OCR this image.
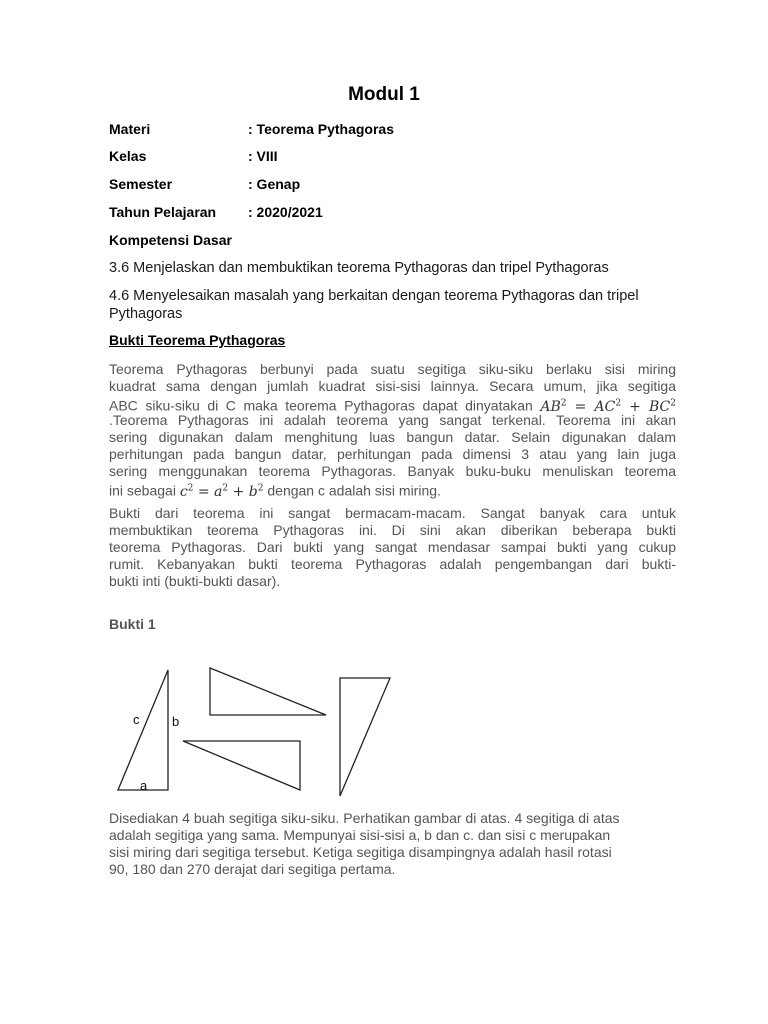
Modul 1
Materi	: Teorema Pythagoras
Kelas	: VIII
Semester	: Genap
Tahun Pelajaran : 2020/2021
Kompetensi Dasar
3.6 Menjelaskan dan membuktikan teorema Pythagoras dan tripel Pythagoras
4.6 Menyelesaikan masalah yang berkaitan dengan teorema Pythagoras dan tripel Pythagoras
Bukti Teorema Pythagoras
Teorema Pythagoras berbunyi pada suatu segitiga siku-siku berlaku sisi miring
kuadrat sama dengan jumlah kuadrat sisi-sisi lainnya. Secara umum, jika segitiga
ABC siku-siku di C maka teorema Pythagoras dapat dinyatakan $AB^2 = AC^2 + BC^2$
.Teorema Pythagoras ini adalah teorema yang sangat terkenal. Teorema ini akan
sering digunakan dalam menghitung luas bangun datar. Selain digunakan dalam
perhitungan pada bangun datar, perhitungan pada dimensi 3 atau yang lain juga
sering menggunakan teorema Pythagoras. Banyak buku-buku menuliskan teorema
ini sebagai $c^2 = a^2 + b^2$ dengan c adalah sisi miring.
Bukti dari teorema ini sangat bermacam-macam. Sangat banyak cara untuk
membuktikan teorema Pythagoras ini. Di sini akan diberikan beberapa bukti
teorema Pythagoras. Dari bukti yang sangat mendasar sampai bukti yang cukup
rumit. Kebanyakan bukti teorema Pythagoras adalah pengembangan dari bukti-
bukti inti (bukti-bukti dasar).
Bukti 1
c	b
a
Disediakan 4 buah segitiga siku-siku. Perhatikan gambar di atas. 4 segitiga di atas
adalah segitiga yang sama. Mempunyai sisi-sisi a, b dan c. dan sisi c merupakan
sisi miring dari segitiga tersebut. Ketiga segitiga disampingnya adalah hasil rotasi
90, 180 dan 270 derajat dari segitiga pertama.
